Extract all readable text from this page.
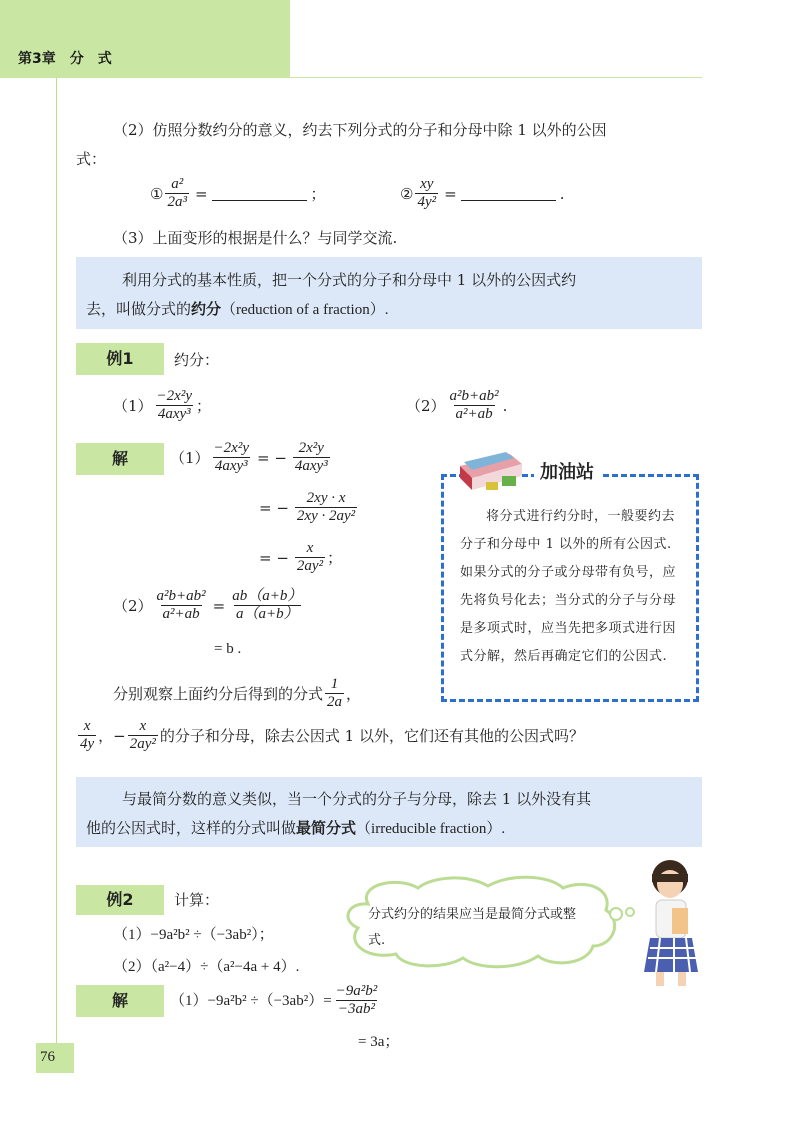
第3章　分　式
（2）仿照分数约分的意义，约去下列分式的分子和分母中除 1 以外的公因
式：
① $\frac{\text{a²}}{\text{2a³}}$ =	；	② $\frac{xy}{\text{4y²}}$ =	.
（3）上面变形的根据是什么？与同学交流.
利用分式的基本性质，把一个分式的分子和分母中 1 以外的公因式约
去，叫做分式的约分（reduction of a fraction）.
例1	约分：
$(1) \frac{\text{−2x²y}}{\text{4axy³}}$ ；	$(2) \frac{\text{a²b+ab²}}{\text{a²+ab}}$ .
解	$(1) \frac{\text{−2x²y}}{\text{4axy³}}$ = − $\frac{\text{2x²y}}{\text{4axy³}}$
= − $\frac{2xy \cdot x}{\text{2xy · 2ay²}}$
= − $\frac{x}{\text{2ay²}}$ ；
$(2) \frac{\text{a²b+ab²}}{\text{a²+ab}} = \frac{ab(a+b)}{a(a+b)}$
= b .
加油站
将分式进行约分时，一般要约去分子和分母中 1 以外的所有公因式. 如果分式的分子或分母带有负号，应先将负号化去；当分式的分子与分母是多项式时，应当先把多项式进行因式分解，然后再确定它们的公因式.
分别观察上面约分后得到的分式 $\frac{1}{2a}$ ，
$\frac{x}{4y}$ ，− $\frac{x}{\text{2ay²}}$ 的分子和分母，除去公因式 1 以外，它们还有其他的公因式吗？
与最简分数的意义类似，当一个分式的分子与分母，除去 1 以外没有其
他的公因式时，这样的分式叫做最简分式（irreducible fraction）.
例2	计算：
（1）−9a²b² ÷（−3ab²）；
（2）（a²−4）÷（a²−4a + 4）.
分式约分的结果应当是最简分式或整式.
解	$(1)-9a^2b^2 \div(-3ab^2)= \frac{\text{−9a²b²}}{\text{−3ab²}}$
= 3a；
76
